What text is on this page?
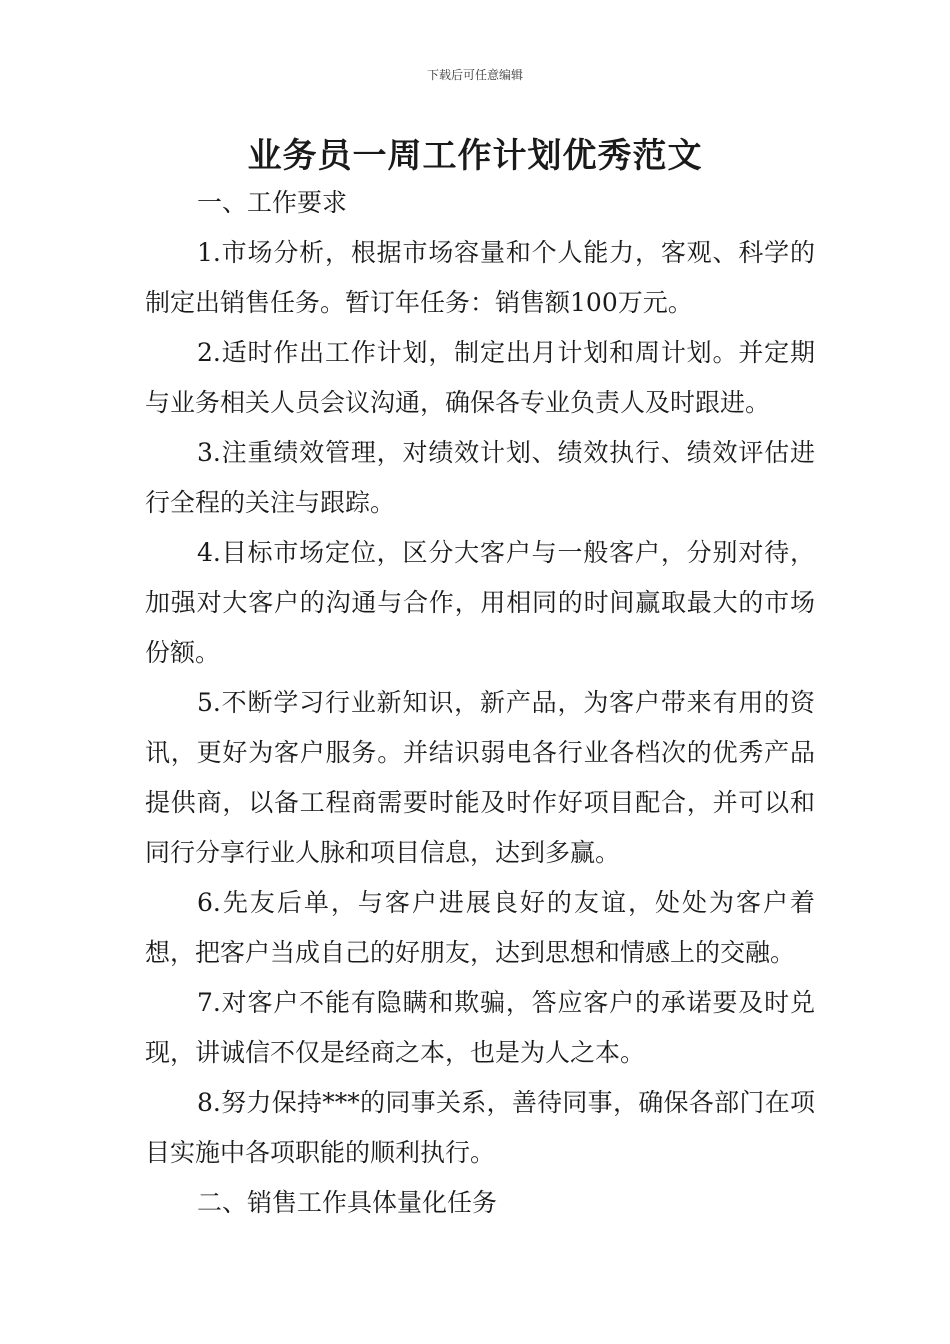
下载后可任意编辑
业务员一周工作计划优秀范文
一、工作要求

1.市场分析，根据市场容量和个人能力，客观、科学的制定出销售任务。暂订年任务：销售额100万元。

2.适时作出工作计划，制定出月计划和周计划。并定期与业务相关人员会议沟通，确保各专业负责人及时跟进。

3.注重绩效管理，对绩效计划、绩效执行、绩效评估进行全程的关注与跟踪。

4.目标市场定位，区分大客户与一般客户，分别对待，加强对大客户的沟通与合作，用相同的时间赢取最大的市场份额。

5.不断学习行业新知识，新产品，为客户带来有用的资讯，更好为客户服务。并结识弱电各行业各档次的优秀产品提供商，以备工程商需要时能及时作好项目配合，并可以和同行分享行业人脉和项目信息，达到多赢。

6.先友后单，与客户进展良好的友谊，处处为客户着想，把客户当成自己的好朋友，达到思想和情感上的交融。

7.对客户不能有隐瞒和欺骗，答应客户的承诺要及时兑现，讲诚信不仅是经商之本，也是为人之本。

8.努力保持***的同事关系，善待同事，确保各部门在项目实施中各项职能的顺利执行。

二、销售工作具体量化任务
